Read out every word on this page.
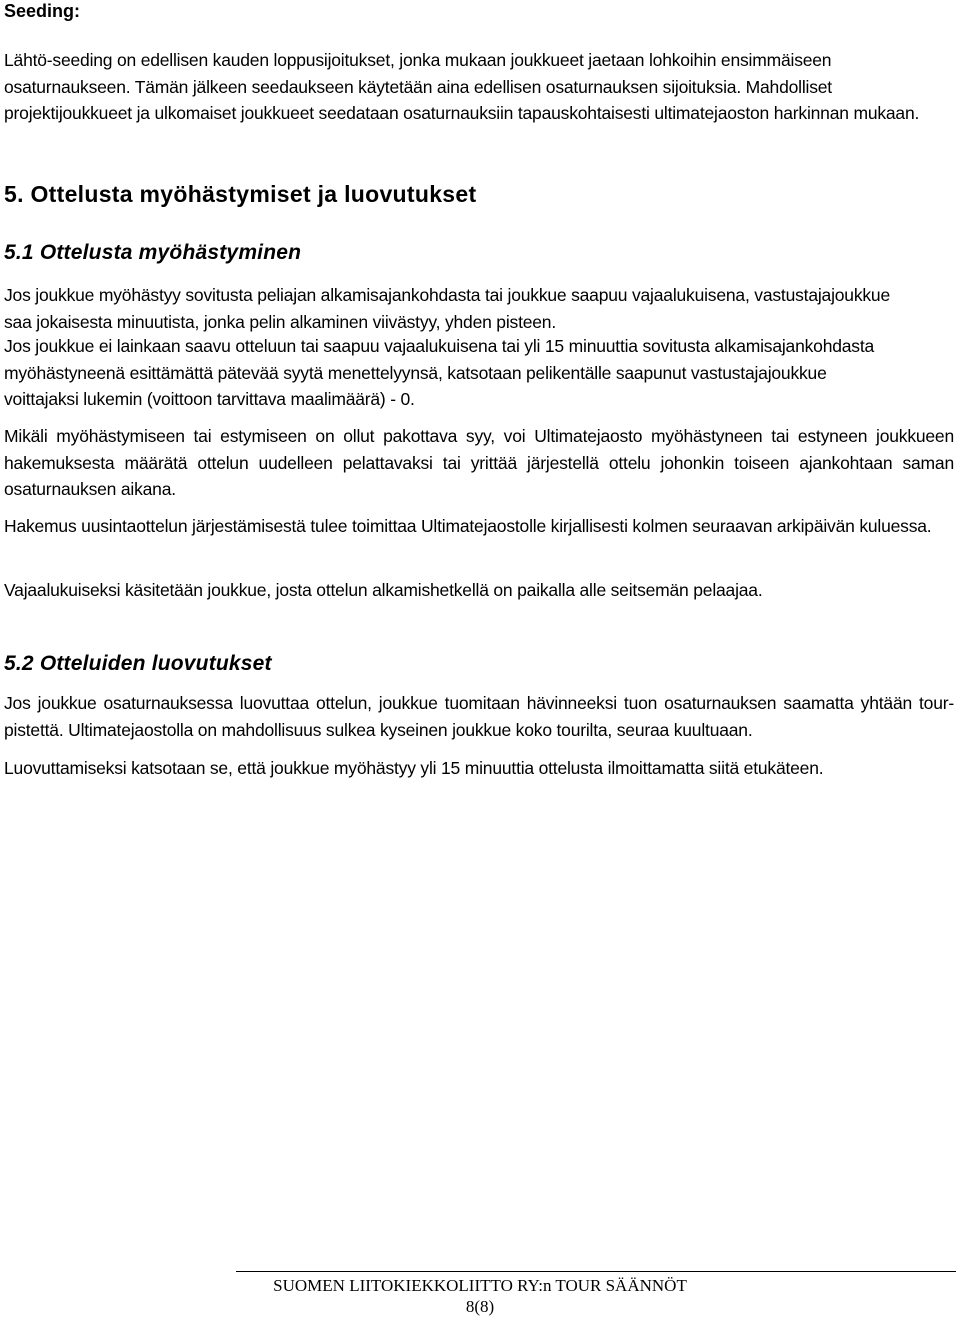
Seeding:
Lähtö-seeding on edellisen kauden loppusijoitukset, jonka mukaan joukkueet jaetaan lohkoihin ensimmäiseen osaturnaukseen. Tämän jälkeen seedaukseen käytetään aina edellisen osaturnauksen sijoituksia. Mahdolliset projektijoukkueet ja ulkomaiset joukkueet seedataan osaturnauksiin tapauskohtaisesti ultimatejaoston harkinnan mukaan.
5. Ottelusta myöhästymiset ja luovutukset
5.1 Ottelusta myöhästyminen
Jos joukkue myöhästyy sovitusta peliajan alkamisajankohdasta tai joukkue saapuu vajaalukuisena, vastustajajoukkue saa jokaisesta minuutista, jonka pelin alkaminen viivästyy, yhden pisteen.
Jos joukkue ei lainkaan saavu otteluun tai saapuu vajaalukuisena tai yli 15 minuuttia sovitusta alkamisajankohdasta myöhästyneenä esittämättä pätevää syytä menettelyynsä, katsotaan pelikentälle saapunut vastustajajoukkue voittajaksi lukemin (voittoon tarvittava maalimäärä) - 0.
Mikäli myöhästymiseen tai estymiseen on ollut pakottava syy, voi Ultimatejaosto myöhästyneen tai estyneen joukkueen hakemuksesta määrätä ottelun uudelleen pelattavaksi tai yrittää järjestellä ottelu johonkin toiseen ajankohtaan saman osaturnauksen aikana.
Hakemus uusintaottelun järjestämisestä tulee toimittaa Ultimatejaostolle kirjallisesti kolmen seuraavan arkipäivän kuluessa.
Vajaalukuiseksi käsitetään joukkue, josta ottelun alkamishetkellä on paikalla alle seitsemän pelaajaa.
5.2 Otteluiden luovutukset
Jos joukkue osaturnauksessa luovuttaa ottelun, joukkue tuomitaan hävinneeksi tuon osaturnauksen saamatta yhtään tour-pistettä. Ultimatejaostolla on mahdollisuus sulkea kyseinen joukkue koko tourilta, seuraa kuultuaan.
Luovuttamiseksi katsotaan se, että joukkue myöhästyy yli 15 minuuttia ottelusta ilmoittamatta siitä etukäteen.
SUOMEN LIITOKIEKKOLIITTO RY:n TOUR SÄÄNNÖT
8(8)
